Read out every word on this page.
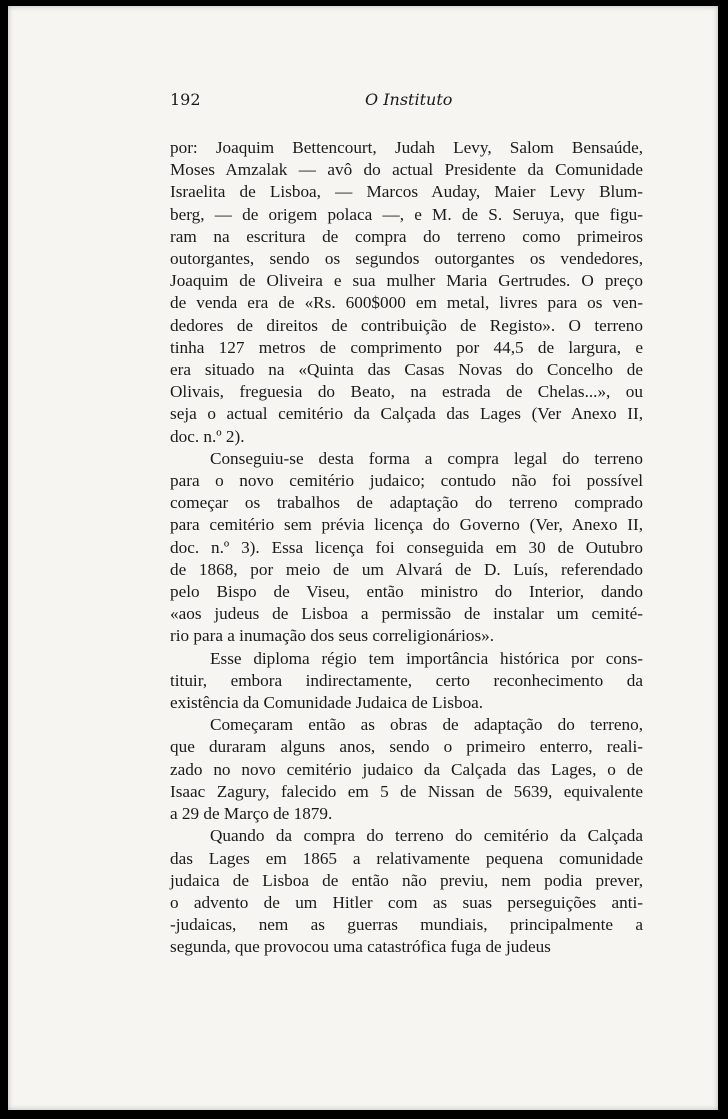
192	O Instituto

por: Joaquim Bettencourt, Judah Levy, Salom Bensaúde,
Moses Amzalak — avô do actual Presidente da Comunidade
Israelita de Lisboa, — Marcos Auday, Maier Levy Blum-
berg, — de origem polaca —, e M. de S. Seruya, que figu-
ram na escritura de compra do terreno como primeiros
outorgantes, sendo os segundos outorgantes os vendedores,
Joaquim de Oliveira e sua mulher Maria Gertrudes. O preço
de venda era de «Rs. 600$000 em metal, livres para os ven-
dedores de direitos de contribuição de Registo». O terreno
tinha 127 metros de comprimento por 44,5 de largura, e
era situado na «Quinta das Casas Novas do Concelho de
Olivais, freguesia do Beato, na estrada de Chelas...», ou
seja o actual cemitério da Calçada das Lages (Ver Anexo II,
doc. n.º 2).

Conseguiu-se desta forma a compra legal do terreno
para o novo cemitério judaico; contudo não foi possível
começar os trabalhos de adaptação do terreno comprado
para cemitério sem prévia licença do Governo (Ver, Anexo II,
doc. n.º 3). Essa licença foi conseguida em 30 de Outubro
de 1868, por meio de um Alvará de D. Luís, referendado
pelo Bispo de Viseu, então ministro do Interior, dando
«aos judeus de Lisboa a permissão de instalar um cemité-
rio para a inumação dos seus correligionários».

Esse diploma régio tem importância histórica por cons-
tituir, embora indirectamente, certo reconhecimento da
existência da Comunidade Judaica de Lisboa.

Começaram então as obras de adaptação do terreno,
que duraram alguns anos, sendo o primeiro enterro, reali-
zado no novo cemitério judaico da Calçada das Lages, o de
Isaac Zagury, falecido em 5 de Nissan de 5639, equivalente
a 29 de Março de 1879.

Quando da compra do terreno do cemitério da Calçada
das Lages em 1865 a relativamente pequena comunidade
judaica de Lisboa de então não previu, nem podia prever,
o advento de um Hitler com as suas perseguições anti-
-judaicas, nem as guerras mundiais, principalmente a
segunda, que provocou uma catastrófica fuga de judeus
